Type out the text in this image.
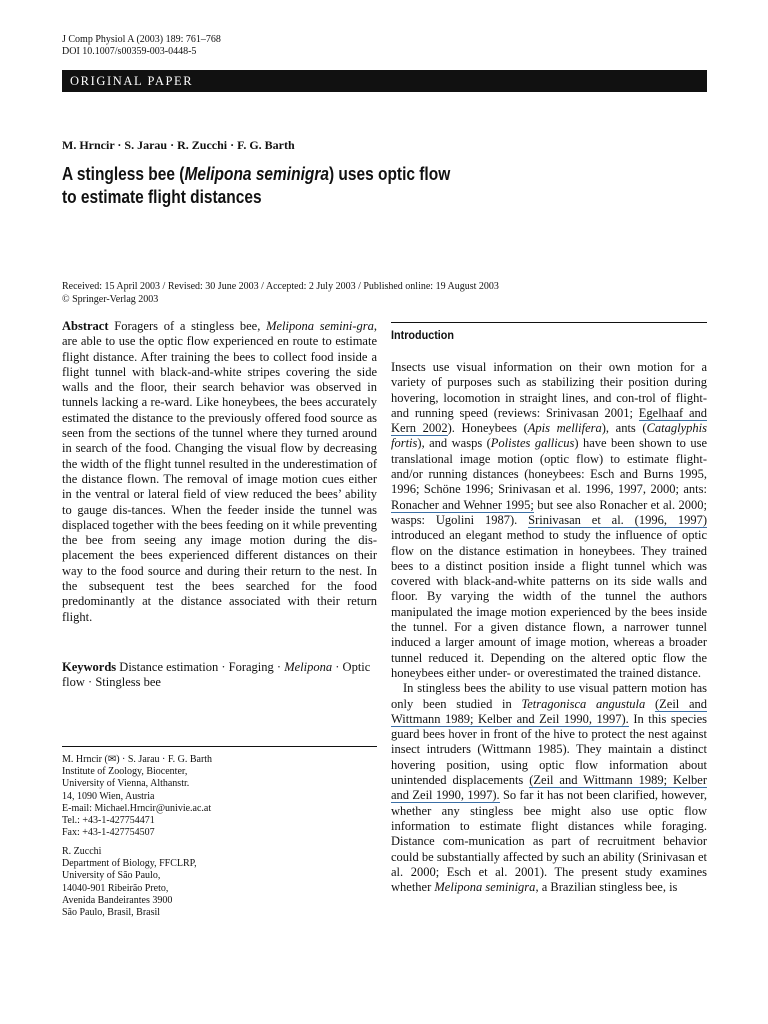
J Comp Physiol A (2003) 189: 761–768
DOI 10.1007/s00359-003-0448-5
ORIGINAL PAPER
M. Hrncir · S. Jarau · R. Zucchi · F. G. Barth
A stingless bee (Melipona seminigra) uses optic flow
to estimate flight distances
Received: 15 April 2003 / Revised: 30 June 2003 / Accepted: 2 July 2003 / Published online: 19 August 2003
© Springer-Verlag 2003
Abstract Foragers of a stingless bee, Melipona semini-gra, are able to use the optic flow experienced en route to estimate flight distance. After training the bees to collect food inside a flight tunnel with black-and-white stripes covering the side walls and the floor, their search behavior was observed in tunnels lacking a re-ward. Like honeybees, the bees accurately estimated the distance to the previously offered food source as seen from the sections of the tunnel where they turned around in search of the food. Changing the visual flow by decreasing the width of the flight tunnel resulted in the underestimation of the distance flown. The removal of image motion cues either in the ventral or lateral field of view reduced the bees’ ability to gauge dis-tances. When the feeder inside the tunnel was displaced together with the bees feeding on it while preventing the bee from seeing any image motion during the dis-placement the bees experienced different distances on their way to the food source and during their return to the nest. In the subsequent test the bees searched for the food predominantly at the distance associated with their return flight.
Keywords Distance estimation · Foraging · Melipona · Optic flow · Stingless bee
M. Hrncir (✉) · S. Jarau · F. G. Barth
Institute of Zoology, Biocenter,
University of Vienna, Althanstr.
14, 1090 Wien, Austria
E-mail: Michael.Hrncir@univie.ac.at
Tel.: +43-1-427754471
Fax: +43-1-427754507
R. Zucchi
Department of Biology, FFCLRP,
University of São Paulo,
14040-901 Ribeirão Preto,
Avenida Bandeirantes 3900
São Paulo, Brasil, Brasil
Introduction

Insects use visual information on their own motion for a variety of purposes such as stabilizing their position during hovering, locomotion in straight lines, and con-trol of flight- and running speed (reviews: Srinivasan 2001; Egelhaaf and Kern 2002). Honeybees (Apis mellifera), ants (Cataglyphis fortis), and wasps (Polistes gallicus) have been shown to use translational image motion (optic flow) to estimate flight- and/or running distances (honeybees: Esch and Burns 1995, 1996; Schöne 1996; Srinivasan et al. 1996, 1997, 2000; ants: Ronacher and Wehner 1995; but see also Ronacher et al. 2000; wasps: Ugolini 1987). Srinivasan et al. (1996, 1997) introduced an elegant method to study the influence of optic flow on the distance estimation in honeybees. They trained bees to a distinct position inside a flight tunnel which was covered with black-and-white patterns on its side walls and floor. By varying the width of the tunnel the authors manipulated the image motion experienced by the bees inside the tunnel. For a given distance flown, a narrower tunnel induced a larger amount of image motion, whereas a broader tunnel reduced it. Depending on the altered optic flow the honeybees either under- or overestimated the trained distance.

In stingless bees the ability to use visual pattern motion has only been studied in Tetragonisca angustula (Zeil and Wittmann 1989; Kelber and Zeil 1990, 1997). In this species guard bees hover in front of the hive to protect the nest against insect intruders (Wittmann 1985). They maintain a distinct hovering position, using optic flow information about unintended displacements (Zeil and Wittmann 1989; Kelber and Zeil 1990, 1997). So far it has not been clarified, however, whether any stingless bee might also use optic flow information to estimate flight distances while foraging. Distance com-munication as part of recruitment behavior could be substantially affected by such an ability (Srinivasan et al. 2000; Esch et al. 2001). The present study examines whether Melipona seminigra, a Brazilian stingless bee, is
